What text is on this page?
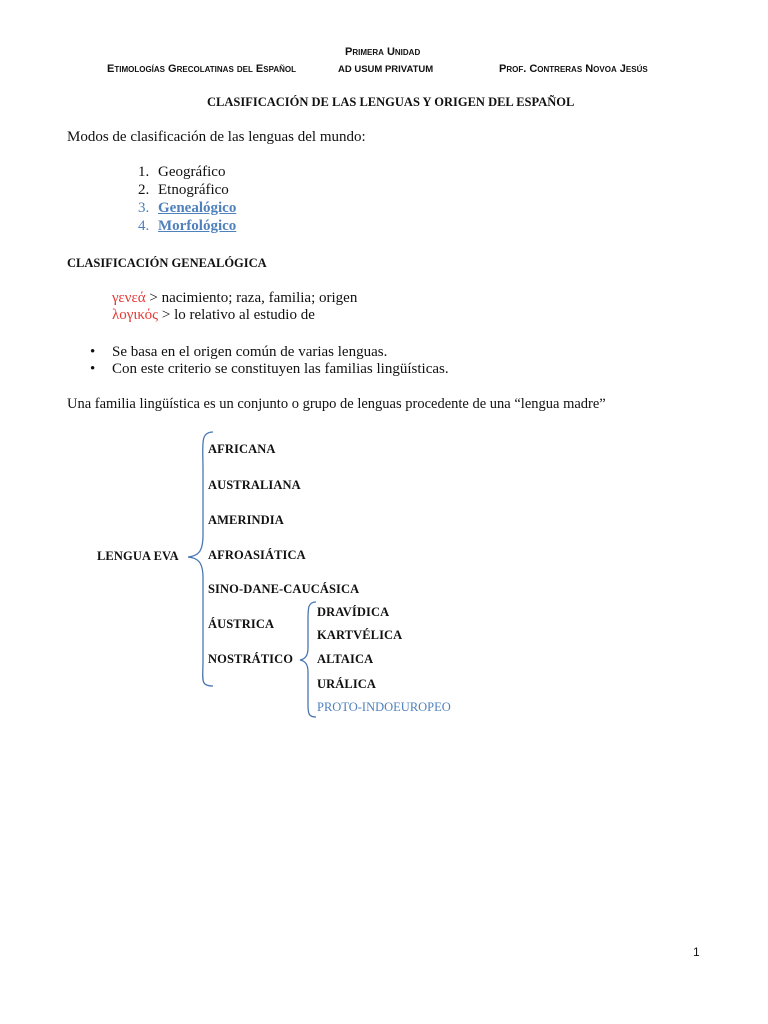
Primera Unidad
Etimologías Grecolatinas del Español	AD USUM PRIVATUM	Prof. Contreras Novoa Jesús
CLASIFICACIÓN DE LAS LENGUAS Y ORIGEN DEL ESPAÑOL
Modos de clasificación de las lenguas del mundo:
1. Geográfico
2. Etnográfico
3. Genealógico
4. Morfológico
CLASIFICACIÓN GENEALÓGICA
γενεά > nacimiento; raza, familia; origen
λογικός > lo relativo al estudio de
• Se basa en el origen común de varias lenguas.
• Con este criterio se constituyen las familias lingüísticas.
Una familia lingüística es un conjunto o grupo de lenguas procedente de una “lengua madre”
LENGUA EVA
AFRICANA
AUSTRALIANA
AMERINDIA
AFROASIÁTICA
SINO-DANE-CAUCÁSICA
ÁUSTRICA
NOSTRÁTICO
DRAVÍDICA
KARTVÉLICA
ALTAICA
URÁLICA
PROTO-INDOEUROPEO
1
